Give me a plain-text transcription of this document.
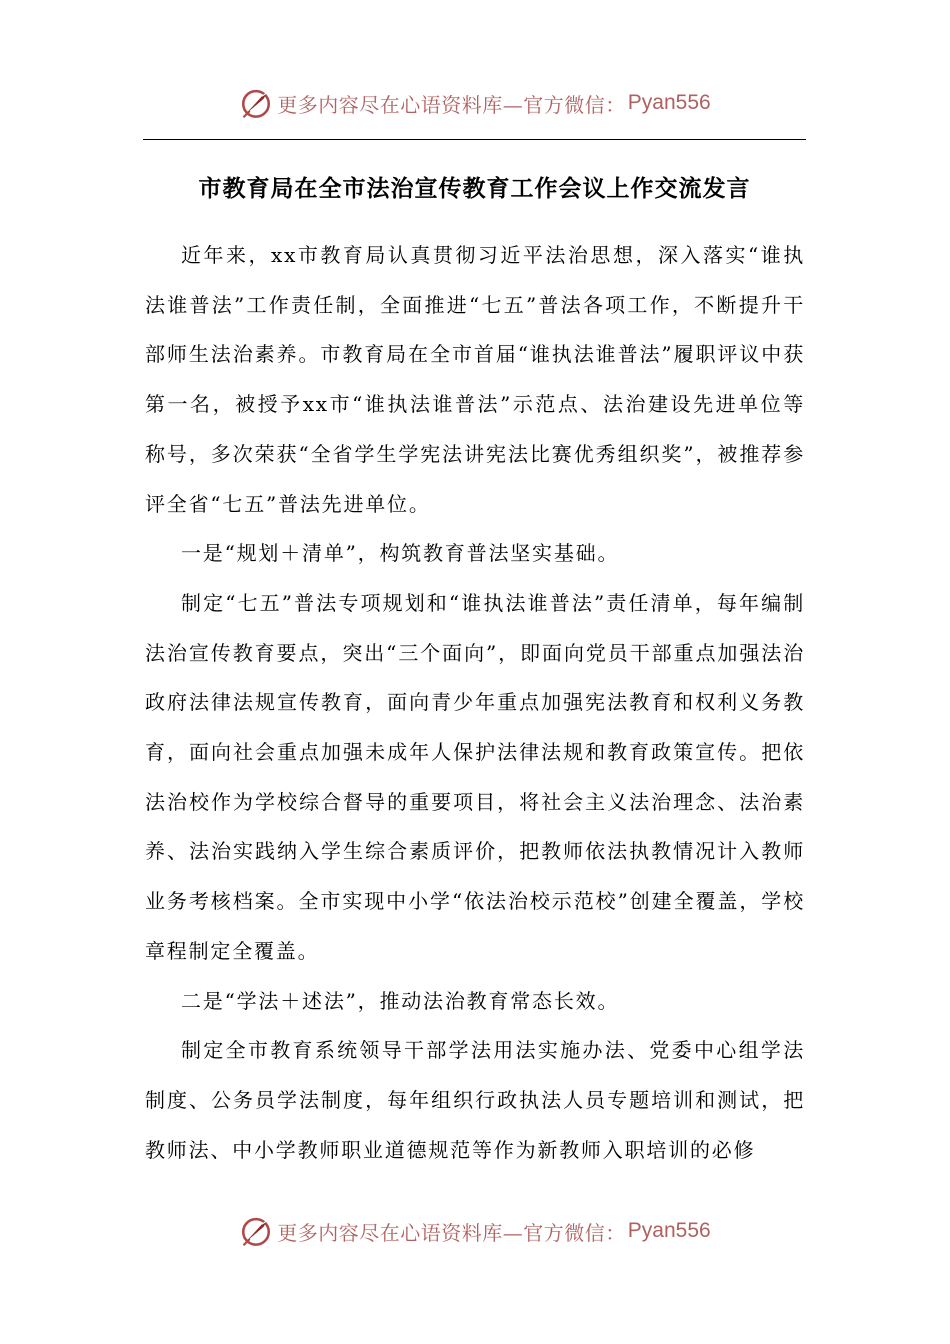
更多内容尽在心语资料库—官方微信： Pyan556
市教育局在全市法治宣传教育工作会议上作交流发言

近年来，xx市教育局认真贯彻习近平法治思想，深入落实“谁执法谁普法”工作责任制，全面推进“七五”普法各项工作，不断提升干部师生法治素养。市教育局在全市首届“谁执法谁普法”履职评议中获第一名，被授予xx市“谁执法谁普法”示范点、法治建设先进单位等称号，多次荣获“全省学生学宪法讲宪法比赛优秀组织奖”，被推荐参评全省“七五”普法先进单位。

一是“规划＋清单”，构筑教育普法坚实基础。

制定“七五”普法专项规划和“谁执法谁普法”责任清单，每年编制法治宣传教育要点，突出“三个面向”，即面向党员干部重点加强法治政府法律法规宣传教育，面向青少年重点加强宪法教育和权利义务教育，面向社会重点加强未成年人保护法律法规和教育政策宣传。把依法治校作为学校综合督导的重要项目，将社会主义法治理念、法治素养、法治实践纳入学生综合素质评价，把教师依法执教情况计入教师业务考核档案。全市实现中小学“依法治校示范校”创建全覆盖，学校章程制定全覆盖。

二是“学法＋述法”，推动法治教育常态长效。

制定全市教育系统领导干部学法用法实施办法、党委中心组学法制度、公务员学法制度，每年组织行政执法人员专题培训和测试，把教师法、中小学教师职业道德规范等作为新教师入职培训的必修

更多内容尽在心语资料库—官方微信： Pyan556
